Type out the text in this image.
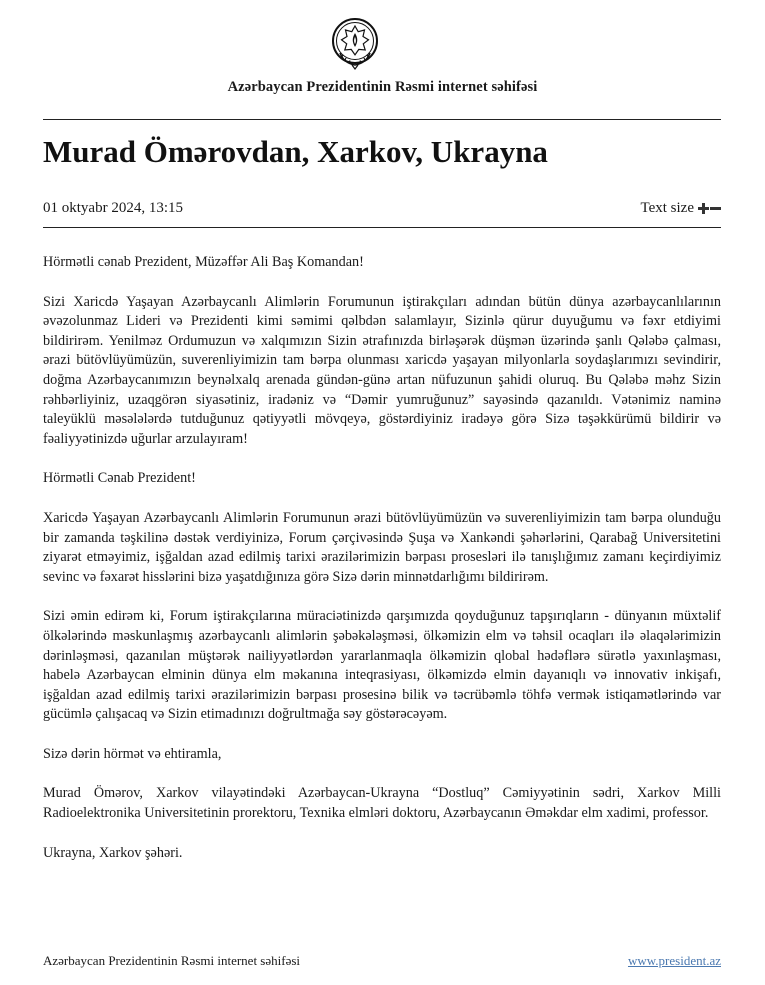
Azərbaycan Prezidentinin Rəsmi internet səhifəsi
Murad Ömərovdan, Xarkov, Ukrayna
01 oktyabr 2024, 13:15	Text size

Hörmətli cənab Prezident, Müzəffər Ali Baş Komandan!

Sizi Xaricdə Yaşayan Azərbaycanlı Alimlərin Forumunun iştirakçıları adından bütün dünya azərbaycanlılarının əvəzolunmaz Lideri və Prezidenti kimi səmimi qəlbdən salamlayır, Sizinlə qürur duyuğumu və fəxr etdiyimi bildirirəm. Yenilməz Ordumuzun və xalqımızın Sizin ətrafınızda birləşərək düşmən üzərində şanlı Qələbə çalması, ərazi bütövlüyümüzün, suverenliyimizin tam bərpa olunması xaricdə yaşayan milyonlarla soydaşlarımızı sevindirir, doğma Azərbaycanımızın beynəlxalq arenada gündən-günə artan nüfuzunun şahidi oluruq. Bu Qələbə məhz Sizin rəhbərliyiniz, uzaqgörən siyasətiniz, iradəniz və “Dəmir yumruğunuz” sayəsində qazanıldı. Vətənimiz naminə taleyüklü məsələlərdə tutduğunuz qətiyyətli mövqeyə, göstərdiyiniz iradəyə görə Sizə təşəkkürümü bildirir və fəaliyyətinizdə uğurlar arzulayıram!

Hörmətli Cənab Prezident!

Xaricdə Yaşayan Azərbaycanlı Alimlərin Forumunun ərazi bütövlüyümüzün və suverenliyimizin tam bərpa olunduğu bir zamanda təşkilinə dəstək verdiyinizə, Forum çərçivəsində Şuşa və Xankəndi şəhərlərini, Qarabağ Universitetini ziyarət etməyimiz, işğaldan azad edilmiş tarixi ərazilərimizin bərpası prosesləri ilə tanışlığımız zamanı keçirdiyimiz sevinc və fəxarət hisslərini bizə yaşatdığınıza görə Sizə dərin minnətdarlığımı bildirirəm.

Sizi əmin edirəm ki, Forum iştirakçılarına müraciətinizdə qarşımızda qoyduğunuz tapşırıqların - dünyanın müxtəlif ölkələrində məskunlaşmış azərbaycanlı alimlərin şəbəkələşməsi, ölkəmizin elm və təhsil ocaqları ilə əlaqələrimizin dərinləşməsi, qazanılan müştərək nailiyyətlərdən yararlanmaqla ölkəmizin qlobal hədəflərə sürətlə yaxınlaşması, habelə Azərbaycan elminin dünya elm məkanına inteqrasiyası, ölkəmizdə elmin dayanıqlı və innovativ inkişafı, işğaldan azad edilmiş tarixi ərazilərimizin bərpası prosesinə bilik və təcrübəmlə töhfə vermək istiqamətlərində var gücümlə çalışacaq və Sizin etimadınızı doğrultmağa səy göstərəcəyəm.

Sizə dərin hörmət və ehtiramla,

Murad Ömərov, Xarkov vilayətindəki Azərbaycan-Ukrayna “Dostluq” Cəmiyyətinin sədri, Xarkov Milli Radioelektronika Universitetinin prorektoru, Texnika elmləri doktoru, Azərbaycanın Əməkdar elm xadimi, professor.

Ukrayna, Xarkov şəhəri.

Azərbaycan Prezidentinin Rəsmi internet səhifəsi	www.president.az
